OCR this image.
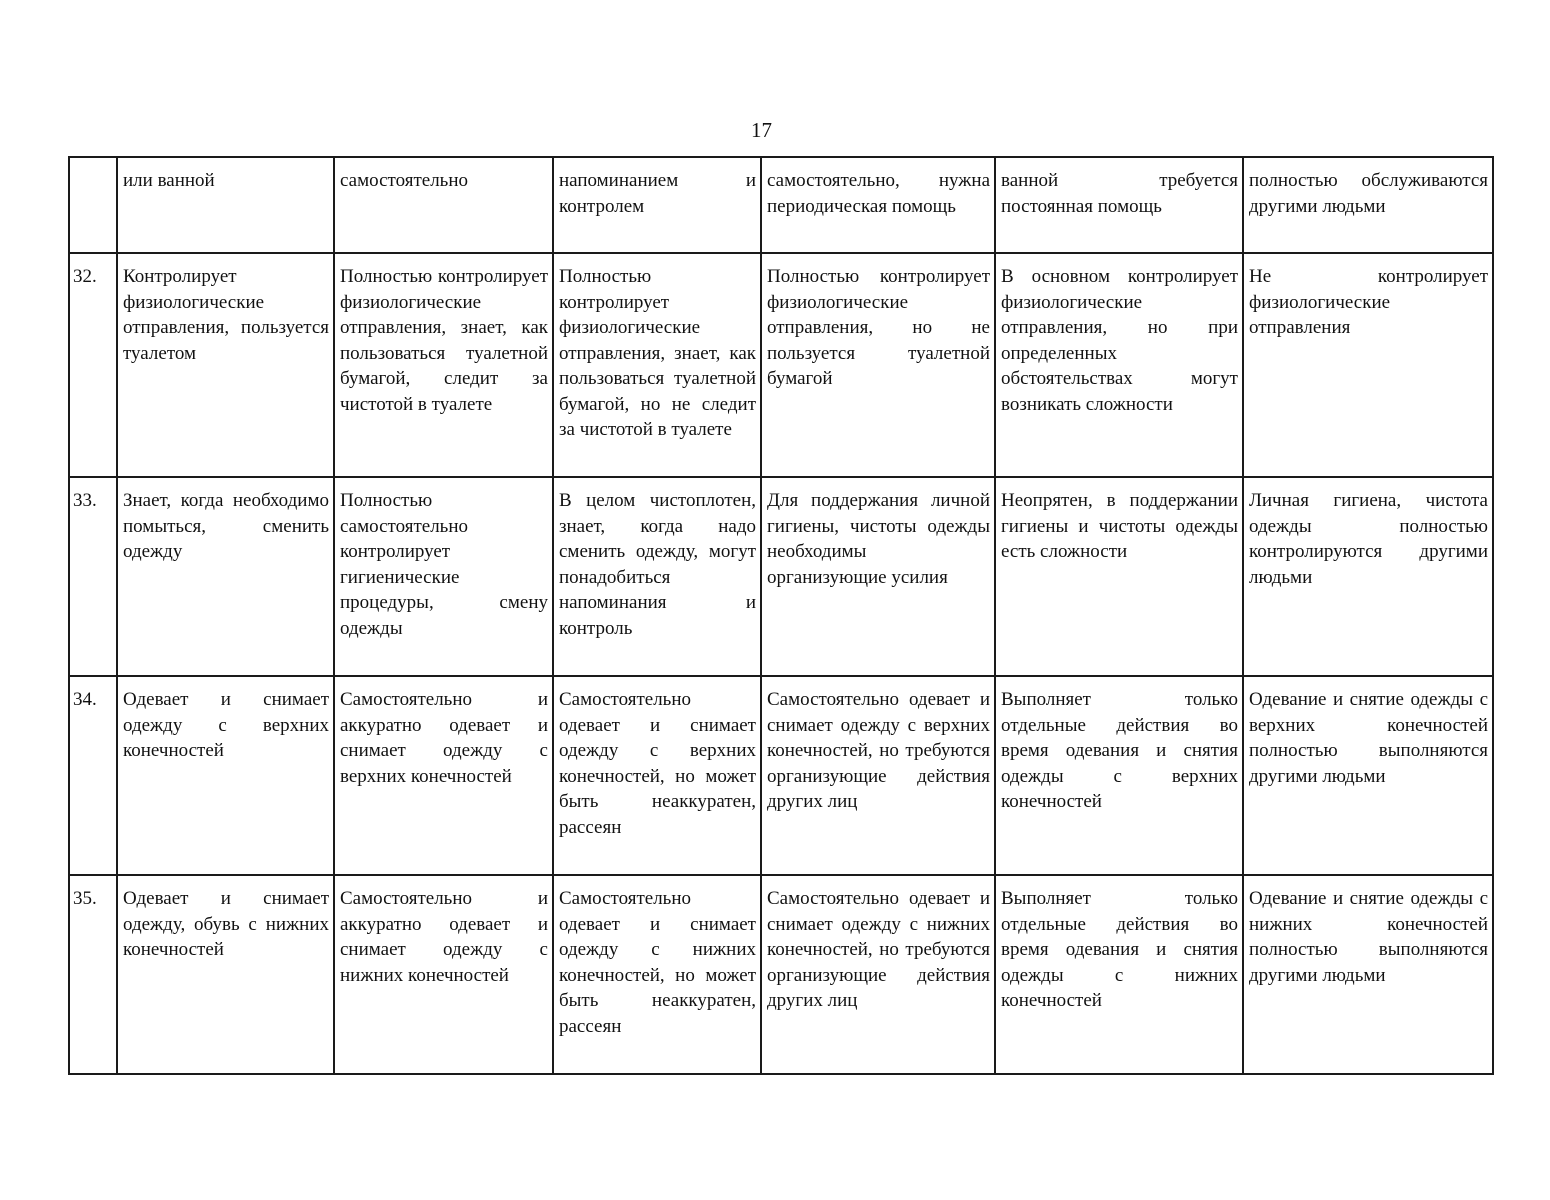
17
	или ванной	самостоятельно	напоминанием и контролем	самостоятельно, нужна периодическая помощь	ванной требуется постоянная помощь	полностью обслуживаются другими людьми
32.	Контролирует физиологические отправления, пользуется туалетом	Полностью контролирует физиологические отправления, знает, как пользоваться туалетной бумагой, следит за чистотой в туалете	Полностью контролирует физиологические отправления, знает, как пользоваться туалетной бумагой, но не следит за чистотой в туалете	Полностью контролирует физиологические отправления, но не пользуется туалетной бумагой	В основном контролирует физиологические отправления, но при определенных обстоятельствах могут возникать сложности	Не контролирует физиологические отправления
33.	Знает, когда необходимо помыться, сменить одежду	Полностью самостоятельно контролирует гигиенические процедуры, смену одежды	В целом чистоплотен, знает, когда надо сменить одежду, могут понадобиться напоминания и контроль	Для поддержания личной гигиены, чистоты одежды необходимы организующие усилия	Неопрятен, в поддержании гигиены и чистоты одежды есть сложности	Личная гигиена, чистота одежды полностью контролируются другими людьми
34.	Одевает и снимает одежду с верхних конечностей	Самостоятельно и аккуратно одевает и снимает одежду с верхних конечностей	Самостоятельно одевает и снимает одежду с верхних конечностей, но может быть неаккуратен, рассеян	Самостоятельно одевает и снимает одежду с верхних конечностей, но требуются организующие действия других лиц	Выполняет только отдельные действия во время одевания и снятия одежды с верхних конечностей	Одевание и снятие одежды с верхних конечностей полностью выполняются другими людьми
35.	Одевает и снимает одежду, обувь с нижних конечностей	Самостоятельно и аккуратно одевает и снимает одежду с нижних конечностей	Самостоятельно одевает и снимает одежду с нижних конечностей, но может быть неаккуратен, рассеян	Самостоятельно одевает и снимает одежду с нижних конечностей, но требуются организующие действия других лиц	Выполняет только отдельные действия во время одевания и снятия одежды с нижних конечностей	Одевание и снятие одежды с нижних конечностей полностью выполняются другими людьми
